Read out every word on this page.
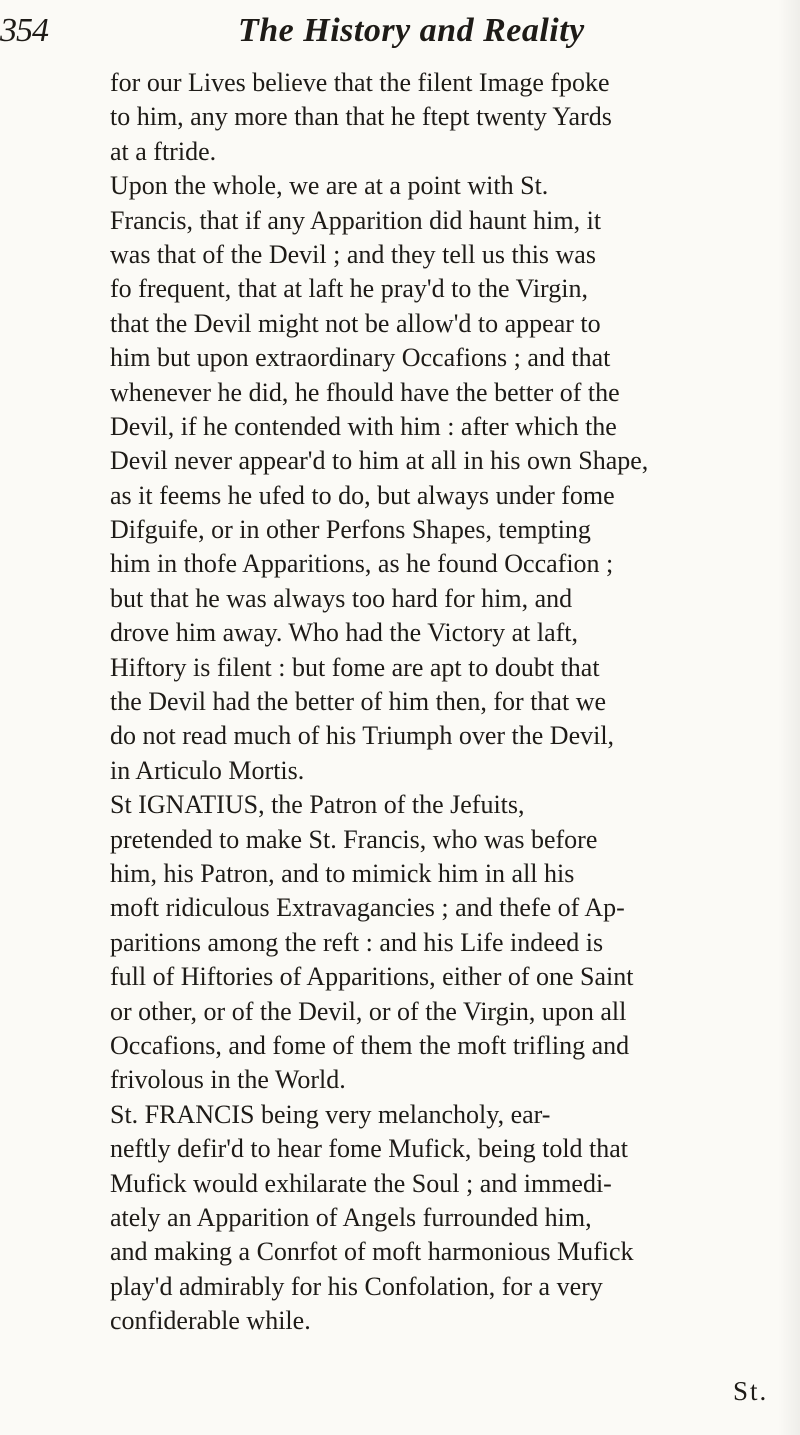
354	The History and Reality
for our Lives believe that the filent Image fpoke
to him, any more than that he ftept twenty Yards
at a ftride.
Upon the whole, we are at a point with St.
Francis, that if any Apparition did haunt him, it
was that of the Devil ; and they tell us this was
fo frequent, that at laft he pray'd to the Virgin,
that the Devil might not be allow'd to appear to
him but upon extraordinary Occafions ; and that
whenever he did, he fhould have the better of the
Devil, if he contended with him : after which the
Devil never appear'd to him at all in his own Shape,
as it feems he ufed to do, but always under fome
Difguife, or in other Perfons Shapes, tempting
him in thofe Apparitions, as he found Occafion ;
but that he was always too hard for him, and
drove him away. Who had the Victory at laft,
Hiftory is filent : but fome are apt to doubt that
the Devil had the better of him then, for that we
do not read much of his Triumph over the Devil,
in Articulo Mortis.
St IGNATIUS, the Patron of the Jefuits,
pretended to make St. Francis, who was before
him, his Patron, and to mimick him in all his
moft ridiculous Extravagancies ; and thefe of Ap-
paritions among the reft : and his Life indeed is
full of Hiftories of Apparitions, either of one Saint
or other, or of the Devil, or of the Virgin, upon all
Occafions, and fome of them the moft trifling and
frivolous in the World.
St. FRANCIS being very melancholy, ear-
neftly defir'd to hear fome Mufick, being told that
Mufick would exhilarate the Soul ; and immedi-
ately an Apparition of Angels furrounded him,
and making a Conrfot of moft harmonious Mufick
play'd admirably for his Confolation, for a very
confiderable while.
St.
